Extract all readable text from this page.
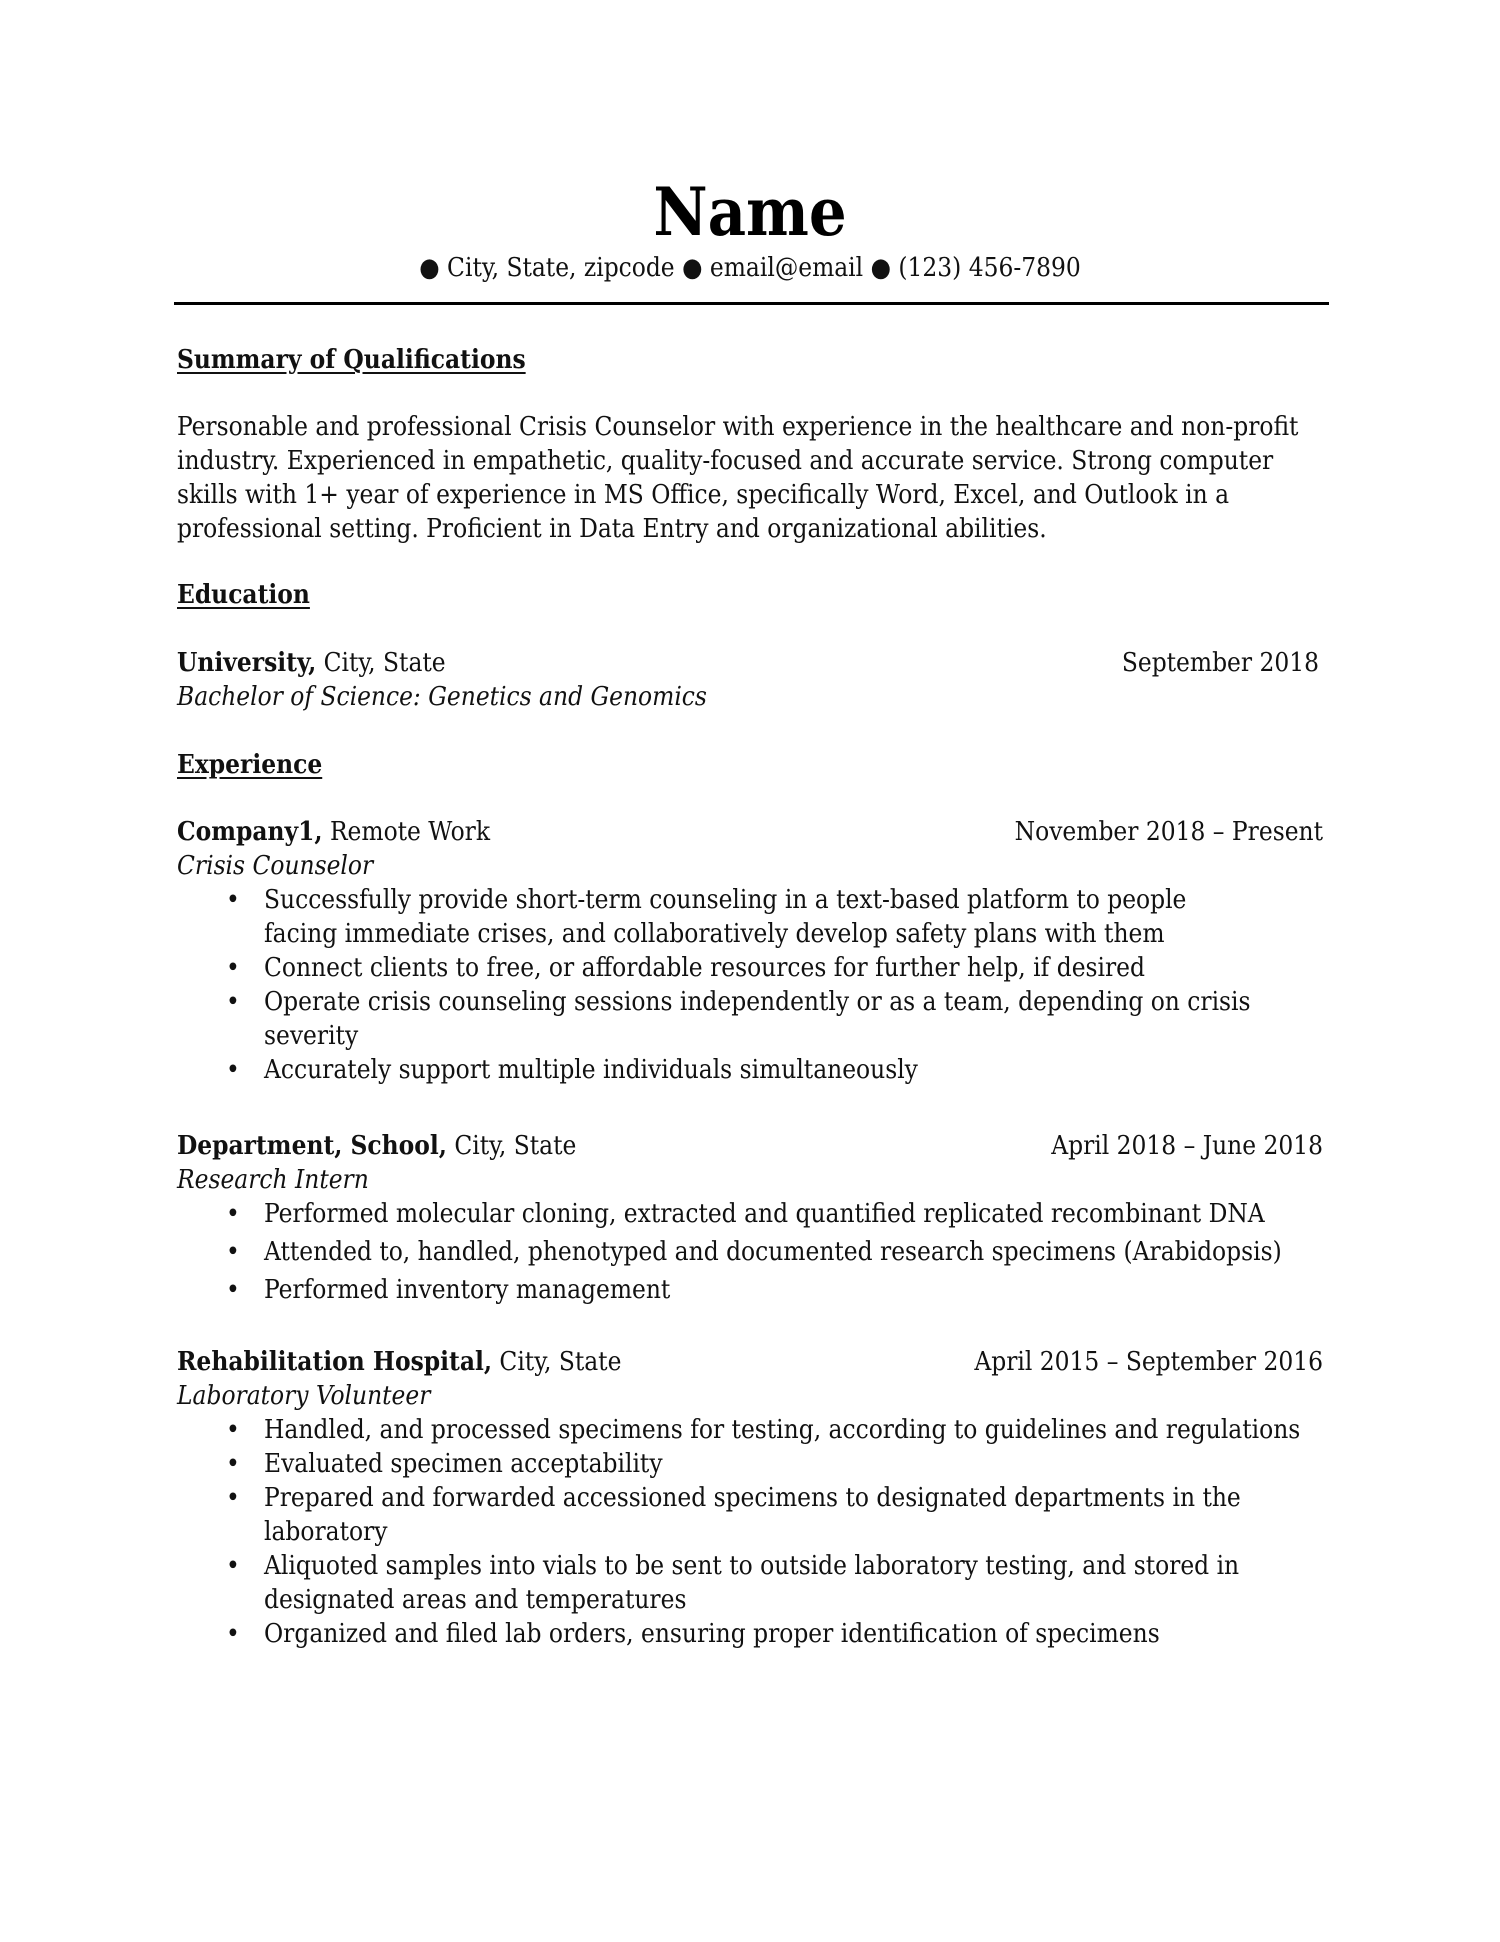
Name
● City, State, zipcode ● email@email ● (123) 456-7890
Summary of Qualifications
Personable and professional Crisis Counselor with experience in the healthcare and non-profit industry. Experienced in empathetic, quality-focused and accurate service. Strong computer skills with 1+ year of experience in MS Office, specifically Word, Excel, and Outlook in a professional setting. Proficient in Data Entry and organizational abilities.
Education
University, City, State	September 2018
Bachelor of Science: Genetics and Genomics
Experience
Company1, Remote Work	November 2018 – Present
Crisis Counselor
• Successfully provide short-term counseling in a text-based platform to people facing immediate crises, and collaboratively develop safety plans with them
• Connect clients to free, or affordable resources for further help, if desired
• Operate crisis counseling sessions independently or as a team, depending on crisis severity
• Accurately support multiple individuals simultaneously
Department, School, City, State	April 2018 – June 2018
Research Intern
• Performed molecular cloning, extracted and quantified replicated recombinant DNA
• Attended to, handled, phenotyped and documented research specimens (Arabidopsis)
• Performed inventory management
Rehabilitation Hospital, City, State	April 2015 – September 2016
Laboratory Volunteer
• Handled, and processed specimens for testing, according to guidelines and regulations
• Evaluated specimen acceptability
• Prepared and forwarded accessioned specimens to designated departments in the laboratory
• Aliquoted samples into vials to be sent to outside laboratory testing, and stored in designated areas and temperatures
• Organized and filed lab orders, ensuring proper identification of specimens
